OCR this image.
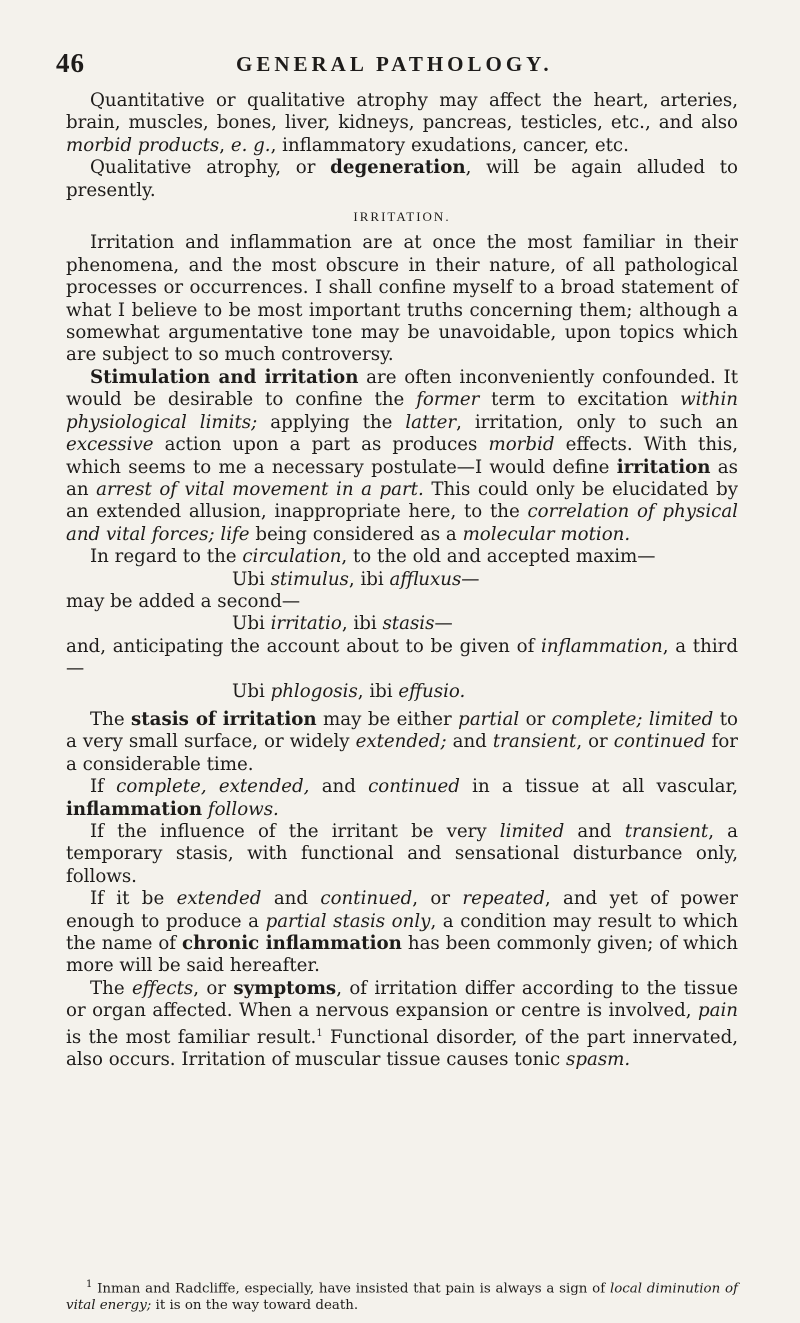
46	GENERAL PATHOLOGY.

Quantitative or qualitative atrophy may affect the heart, arteries, brain, muscles, bones, liver, kidneys, pancreas, testicles, etc., and also morbid products, e. g., inflammatory exudations, cancer, etc.

Qualitative atrophy, or degeneration, will be again alluded to presently.

IRRITATION.

Irritation and inflammation are at once the most familiar in their phenomena, and the most obscure in their nature, of all pathological processes or occurrences. I shall confine myself to a broad statement of what I believe to be most important truths concerning them; although a somewhat argumentative tone may be unavoidable, upon topics which are subject to so much controversy.

Stimulation and irritation are often inconveniently confounded. It would be desirable to confine the former term to excitation within physiological limits; applying the latter, irritation, only to such an excessive action upon a part as produces morbid effects. With this, which seems to me a necessary postulate—I would define irritation as an arrest of vital movement in a part. This could only be elucidated by an extended allusion, inappropriate here, to the correlation of physical and vital forces; life being considered as a molecular motion.

In regard to the circulation, to the old and accepted maxim—

Ubi stimulus, ibi affluxus—

may be added a second—

Ubi irritatio, ibi stasis—

and, anticipating the account about to be given of inflammation, a third—

Ubi phlogosis, ibi effusio.

The stasis of irritation may be either partial or complete; limited to a very small surface, or widely extended; and transient, or continued for a considerable time.

If complete, extended, and continued in a tissue at all vascular, inflammation follows.

If the influence of the irritant be very limited and transient, a temporary stasis, with functional and sensational disturbance only, follows.

If it be extended and continued, or repeated, and yet of power enough to produce a partial stasis only, a condition may result to which the name of chronic inflammation has been commonly given; of which more will be said hereafter.

The effects, or symptoms, of irritation differ according to the tissue or organ affected. When a nervous expansion or centre is involved, pain is the most familiar result.$^1$ Functional disorder, of the part innervated, also occurs. Irritation of muscular tissue causes tonic spasm.

$^1$ Inman and Radcliffe, especially, have insisted that pain is always a sign of local diminution of vital energy; it is on the way toward death.
